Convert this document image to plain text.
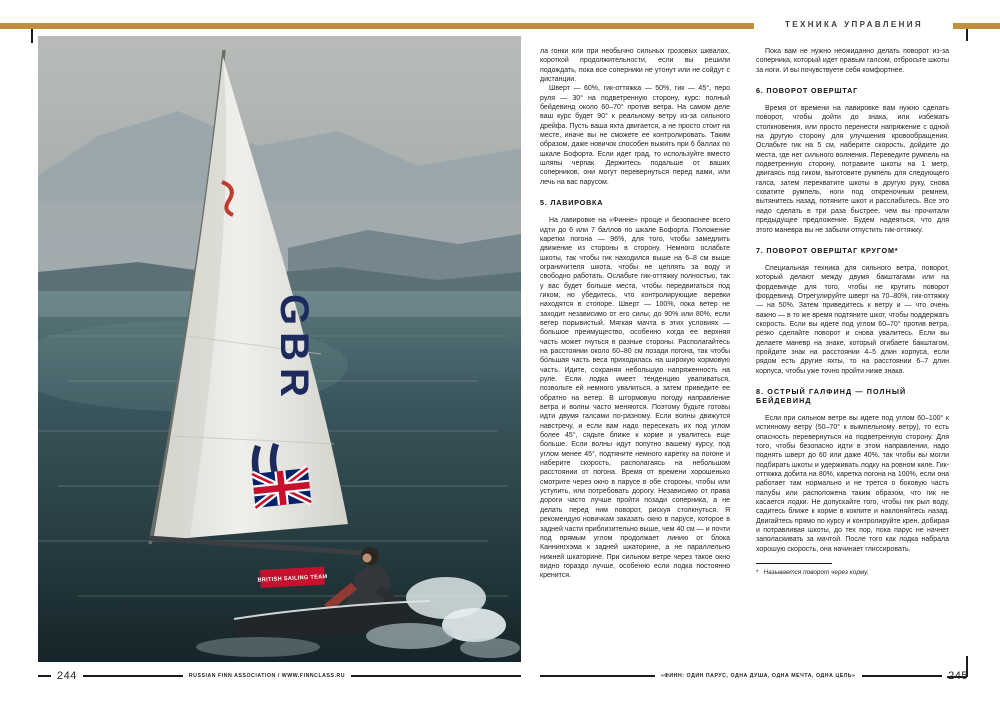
ТЕХНИКА УПРАВЛЕНИЯ
GBR
BRITISH SAILING TEAM

ла гонки или при необычно сильных грозовых шквалах, короткой продолжительности, если вы решили подождать, пока все соперники не утонут или не сойдут с дистанции.

Шверт — 60%, гик-оттяжка — 50%, гик — 45°, перо руля — 30° на подветренную сторону, курс: полный бейдевинд около 60–70° против ветра. На самом деле ваш курс будет 90° к реальному ветру из-за сильного дрейфа. Пусть ваша яхта двигается, а не просто стоит на месте, иначе вы не сможете ее контролировать. Таким образом, даже новичок способен выжить при 6 баллах по шкале Бофорта. Если идет град, то используйте вместо шляпы черпак. Держитесь подальше от ваших соперников, они могут перевернуться перед вами, или лечь на вас парусом.

5. ЛАВИРОВКА

На лавировке на «Финне» проще и безопаснее всего идти до 6 или 7 баллов по шкале Бофорта. Положение каретки погона — 96%, для того, чтобы замедлить движение из стороны в сторону. Немного ослабьте шкоты, так чтобы гик находился выше на 6–8 см выше ограничителя шкота, чтобы не цеплять за воду и свободно работать. Ослабьте гик-оттяжку полностью, так у вас будет больше места, чтобы передвигаться под гиком, но убедитесь, что контролирующие веревки находятся в стопоре. Шверт — 100%, пока ветер не заходит независимо от его силы; до 90% или 80%, если ветер порывистый. Мягкая мачта в этих условиях — большое преимущество, особенно когда ее верхняя часть может гнуться в разные стороны. Располагайтесь на расстоянии около 60–80 см позади погона, так чтобы бо́льшая часть веса приходилась на широкую кормовую часть. Идите, сохраняя небольшую напряженность на руле. Если лодка имеет тенденцию уваливаться, позвольте ей немного увалиться, а затем приведите ее обратно на ветер. В штормовую погоду направление ветра и волны часто меняются. Поэтому будьте готовы идти двумя галсами по-разному. Если волны движутся навстречу, и если вам надо пересекать их под углом более 45°, сядьте ближе к корме и увалитесь еще больше. Если волны идут попутно вашему курсу, под углом менее 45°, подтяните немного каретку на погоне и наберите скорость, располагаясь на небольшом расстоянии от погона. Время от времени хорошенько смотрите через окно в парусе в обе стороны, чтобы или уступить, или потребовать дорогу. Независимо от права дороги часто лучше пройти позади соперника, а не делать перед ним поворот, рискуя столкнуться. Я рекомендую новичкам заказать окно в парусе, которое в задней части приблизительно выше, чем 40 см — и почти под прямым углом продолжает линию от блока Каннингхэма к задней шкаторине, а не параллельно нижней шкаторине. При сильном ветре через такое окно видно гораздо лучше, особенно если лодка постоянно кренится.

Пока вам не нужно неожиданно делать поворот из-за соперника, который идет правым галсом, отбросьте шкоты за ноги. И вы почувствуете себя комфортнее.

6. ПОВОРОТ ОВЕРШТАГ

Время от времени на лавировке вам нужно сделать поворот, чтобы дойти до знака, или избежать столкновения, или просто перенести напряжение с одной на другую сторону для улучшения кровообращения. Ослабьте гик на 5 см, наберите скорость, дойдите до места, где нет сильного волнения. Переведите румпель на подветренную сторону, потравите шкоты на 1 метр, двигаясь под гиком, выготовите румпель для следующего галса, затем перехватите шкоты в другую руку, снова схватите румпель, ноги под откреночным ремнем, вытянитесь назад, потяните шкот и расслабьтесь. Все это надо сделать в три раза быстрее, чем вы прочитали предыдущее предложение. Будем надеяться, что для этого маневра вы не забыли отпустить гик-оттяжку.

7. ПОВОРОТ ОВЕРШТАГ КРУГОМ*

Специальная техника для сильного ветра, поворот, который делают между двумя бакштагами или на фордевинде для того, чтобы не крутить поворот фордевинд. Отрегулируйте шверт на 70–80%, гик-оттяжку — на 50%. Затем приведитесь к ветру и — что очень важно — в то же время подтяните шкот, чтобы поддержать скорость. Если вы идете под углом 60–70° против ветра, резко сделайте поворот и снова увалитесь. Если вы делаете маневр на знаке, который огибаете бакштагом, пройдите знак на расстоянии 4–5 длин корпуса, если рядом есть другие яхты, то на расстоянии 6–7 длин корпуса, чтобы уже точно пройти ниже знака.

8. ОСТРЫЙ ГАЛФИНД — ПОЛНЫЙ БЕЙДЕВИНД

Если при сильном ветре вы идете под углом 60–100° к истинному ветру (50–70° к вымпельному ветру), то есть опасность перевернуться на подветренную сторону. Для того, чтобы безопасно идти в этом направлении, надо поднять шверт до 60 или даже 40%, так чтобы вы могли подбирать шкоты и удерживать лодку на ровном киле. Гик-оттяжка добита на 80%, каретка погона на 100%, если она работает там нормально и не трется о боковую часть палубы или расположена таким образом, что гик не касается лодки. Не допускайте того, чтобы гик рыл воду, садитесь ближе к корме в кокпите и наклоняйтесь назад. Двигайтесь прямо по курсу и контролируйте крен, добирая и потравливая шкоты, до тех пор, пока парус не начнет заполаскивать за мачтой. После того как лодка набрала хорошую скорость, она начинает глиссировать.

* Называется поворот через корму.
244	RUSSIAN FINN ASSOCIATION / WWW.FINNCLASS.RU	«ФИНН: ОДИН ПАРУС, ОДНА ДУША, ОДНА МЕЧТА, ОДНА ЦЕЛЬ»	245
